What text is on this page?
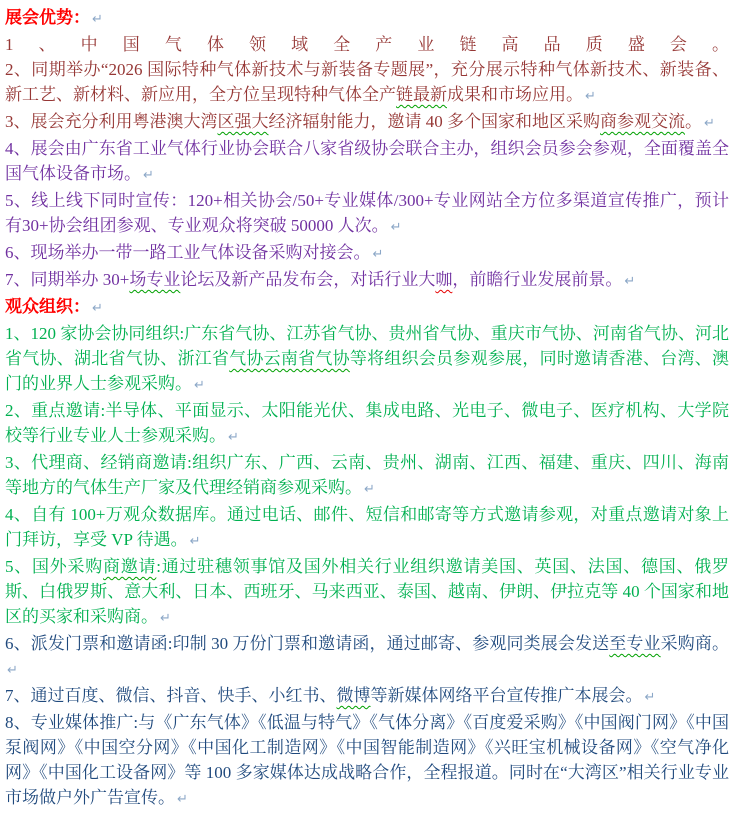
展会优势： ↵
1、中国气体领域全产业链高品质盛会。
2、同期举办“2026 国际特种气体新技术与新装备专题展”，充分展示特种气体新技术、新装备、新工艺、新材料、新应用，全方位呈现特种气体全产链最新成果和市场应用。 ↵
3、展会充分利用粤港澳大湾区强大经济辐射能力，邀请 40 多个国家和地区采购商参观交流。 ↵
4、展会由广东省工业气体行业协会联合八家省级协会联合主办，组织会员参会参观，全面覆盖全国气体设备市场。 ↵
5、线上线下同时宣传：120+相关协会/50+专业媒体/300+专业网站全方位多渠道宣传推广，预计有30+协会组团参观、专业观众将突破 50000 人次。 ↵
6、现场举办一带一路工业气体设备采购对接会。 ↵
7、同期举办 30+场专业论坛及新产品发布会，对话行业大咖，前瞻行业发展前景。 ↵
观众组织： ↵
1、120 家协会协同组织:广东省气协、江苏省气协、贵州省气协、重庆市气协、河南省气协、河北省气协、湖北省气协、浙江省气协云南省气协等将组织会员参观参展，同时邀请香港、台湾、澳门的业界人士参观采购。 ↵
2、重点邀请:半导体、平面显示、太阳能光伏、集成电路、光电子、微电子、医疗机构、大学院校等行业专业人士参观采购。 ↵
3、代理商、经销商邀请:组织广东、广西、云南、贵州、湖南、江西、福建、重庆、四川、海南等地方的气体生产厂家及代理经销商参观采购。 ↵
4、自有 100+万观众数据库。通过电话、邮件、短信和邮寄等方式邀请参观，对重点邀请对象上门拜访，享受 VP 待遇。 ↵
5、国外采购商邀请:通过驻穗领事馆及国外相关行业组织邀请美国、英国、法国、德国、俄罗斯、白俄罗斯、意大利、日本、西班牙、马来西亚、泰国、越南、伊朗、伊拉克等 40 个国家和地区的买家和采购商。 ↵
6、派发门票和邀请函:印制 30 万份门票和邀请函，通过邮寄、参观同类展会发送至专业采购商。↵
7、通过百度、微信、抖音、快手、小红书、微博等新媒体网络平台宣传推广本展会。 ↵
8、专业媒体推广:与《广东气体》《低温与特气》《气体分离》《百度爱采购》《中国阀门网》《中国泵阀网》《中国空分网》《中国化工制造网》《中国智能制造网》《兴旺宝机械设备网》《空气净化网》《中国化工设备网》等 100 多家媒体达成战略合作，全程报道。同时在“大湾区”相关行业专业市场做户外广告宣传。 ↵
